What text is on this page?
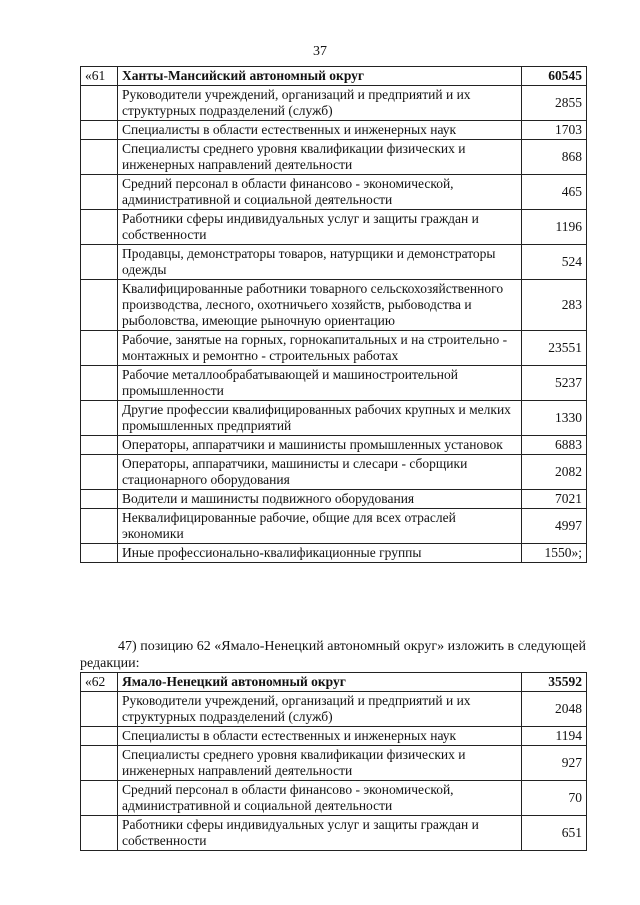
37
«61	Ханты-Мансийский автономный округ	60545
	Руководители учреждений, организаций и предприятий и их структурных подразделений (служб)	2855
	Специалисты в области естественных и инженерных наук	1703
	Специалисты среднего уровня квалификации физических и инженерных направлений деятельности	868
	Средний персонал в области финансово - экономической, административной и социальной деятельности	465
	Работники сферы индивидуальных услуг и защиты граждан и собственности	1196
	Продавцы, демонстраторы товаров, натурщики и демонстраторы одежды	524
	Квалифицированные работники товарного сельскохозяйственного производства, лесного, охотничьего хозяйств, рыбоводства и рыболовства, имеющие рыночную ориентацию	283
	Рабочие, занятые на горных, горнокапитальных и на строительно - монтажных и ремонтно - строительных работах	23551
	Рабочие металлообрабатывающей и машиностроительной промышленности	5237
	Другие профессии квалифицированных рабочих крупных и мелких промышленных предприятий	1330
	Операторы, аппаратчики и машинисты промышленных установок	6883
	Операторы, аппаратчики, машинисты и слесари - сборщики стационарного оборудования	2082
	Водители и машинисты подвижного оборудования	7021
	Неквалифицированные рабочие, общие для всех отраслей экономики	4997
	Иные профессионально-квалификационные группы	1550»;
47) позицию 62 «Ямало-Ненецкий автономный округ» изложить в следующей редакции:
«62	Ямало-Ненецкий автономный округ	35592
	Руководители учреждений, организаций и предприятий и их структурных подразделений (служб)	2048
	Специалисты в области естественных и инженерных наук	1194
	Специалисты среднего уровня квалификации физических и инженерных направлений деятельности	927
	Средний персонал в области финансово - экономической, административной и социальной деятельности	70
	Работники сферы индивидуальных услуг и защиты граждан и собственности	651
